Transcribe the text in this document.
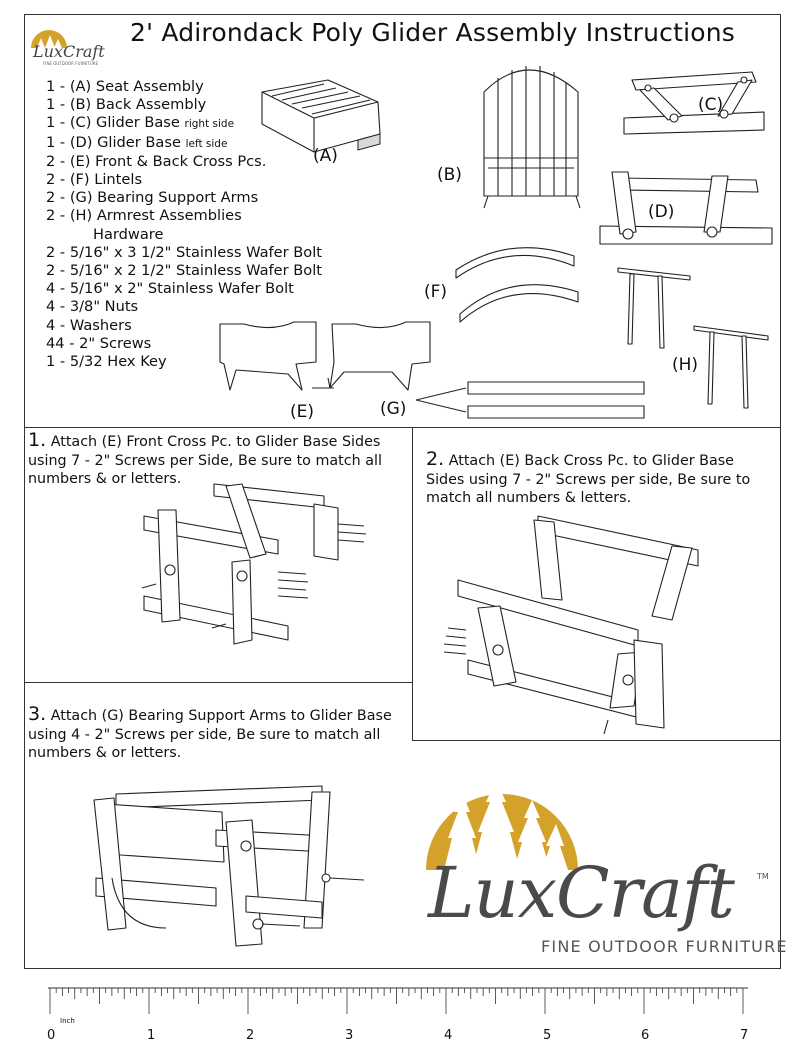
LuxCraft
FINE OUTDOOR FURNITURE
2' Adirondack Poly Glider Assembly Instructions
1 - (A) Seat Assembly
1 - (B) Back Assembly
1 - (C) Glider Base right side
1 - (D) Glider Base left side
2 - (E) Front & Back Cross Pcs.
2 - (F) Lintels
2 - (G) Bearing Support Arms
2 - (H) Armrest Assemblies
Hardware
2 - 5/16" x 3 1/2" Stainless Wafer Bolt
2 - 5/16" x 2 1/2" Stainless Wafer Bolt
4 - 5/16" x 2" Stainless Wafer Bolt
4 - 3/8" Nuts
4 - Washers
44 - 2" Screws
1 - 5/32 Hex Key
(A)
(B)
(C)
(D)
(F)
(H)
(E)	(G)
1. Attach (E) Front Cross Pc. to Glider Base Sides using 7 - 2" Screws per Side, Be sure to match all numbers & or letters.
2. Attach (E) Back Cross Pc. to Glider Base Sides using 7 - 2" Screws per side, Be sure to match all numbers & letters.
3. Attach (G) Bearing Support Arms to Glider Base using 4 - 2" Screws per side, Be sure to match all numbers & or letters.
LuxCraft	TM
FINE OUTDOOR FURNITURE
Inch
0	1	2	3	4	5	6	7
